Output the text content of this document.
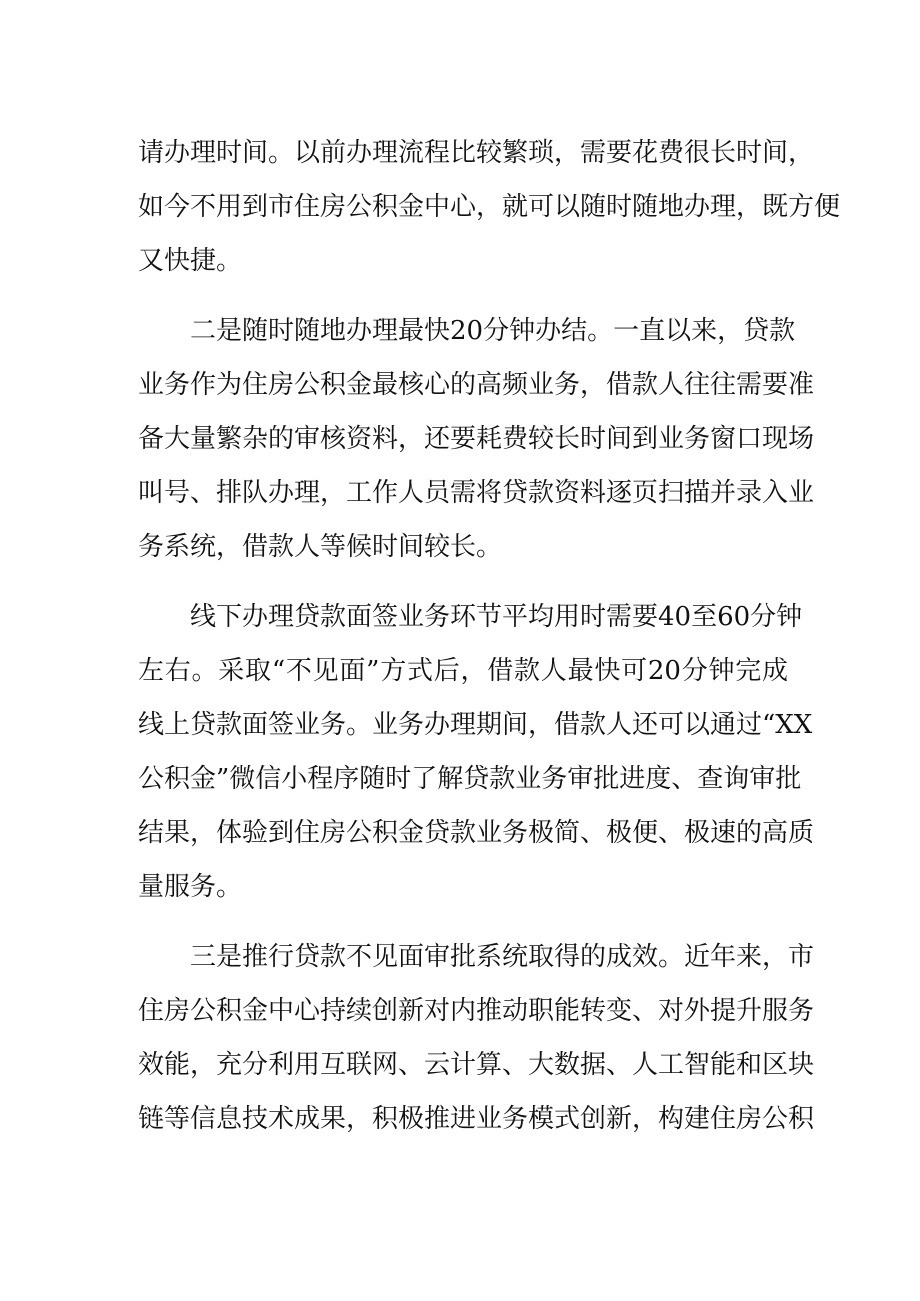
请办理时间。以前办理流程比较繁琐，需要花费很长时间，
如今不用到市住房公积金中心，就可以随时随地办理，既方便
又快捷。
二是随时随地办理最快20分钟办结。一直以来，贷款
业务作为住房公积金最核心的高频业务，借款人往往需要准
备大量繁杂的审核资料，还要耗费较长时间到业务窗口现场
叫号、排队办理，工作人员需将贷款资料逐页扫描并录入业
务系统，借款人等候时间较长。
线下办理贷款面签业务环节平均用时需要40至60分钟
左右。采取“不见面”方式后，借款人最快可20分钟完成
线上贷款面签业务。业务办理期间，借款人还可以通过“XX
公积金”微信小程序随时了解贷款业务审批进度、查询审批
结果，体验到住房公积金贷款业务极简、极便、极速的高质
量服务。
三是推行贷款不见面审批系统取得的成效。近年来，市
住房公积金中心持续创新对内推动职能转变、对外提升服务
效能，充分利用互联网、云计算、大数据、人工智能和区块
链等信息技术成果，积极推进业务模式创新，构建住房公积
